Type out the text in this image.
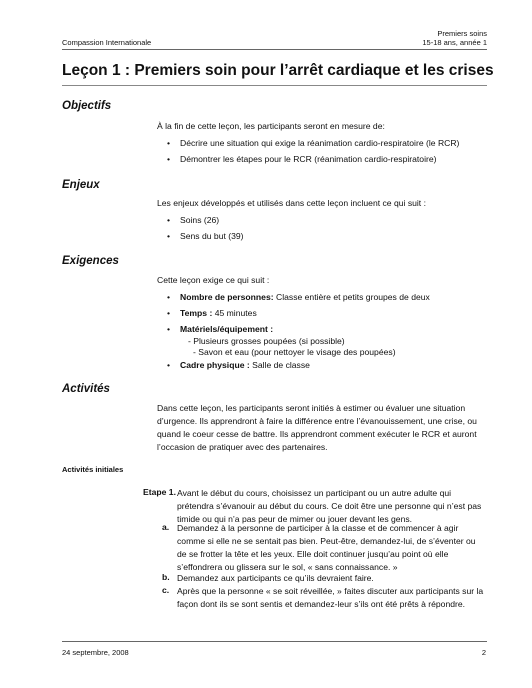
Compassion Internationale
Premiers soins
15-18 ans, année 1
Leçon 1 : Premiers soin pour l’arrêt cardiaque et les crises
Objectifs

À la fin de cette leçon, les participants seront en mesure de:

• Décrire une situation qui exige la réanimation cardio-respiratoire (le RCR)
• Démontrer les étapes pour le RCR (réanimation cardio-respiratoire)
Enjeux

Les enjeux développés et utilisés dans cette leçon incluent ce qui suit :

• Soins (26)
• Sens du but (39)
Exigences

Cette leçon exige ce qui suit :

• Nombre de personnes: Classe entière et petits groupes de deux
• Temps : 45 minutes
• Matériels/équipement :
- Plusieurs grosses poupées (si possible)
- Savon et eau (pour nettoyer le visage des poupées)
• Cadre physique : Salle de classe
Activités
Dans cette leçon, les participants seront initiés à estimer ou évaluer une situation d’urgence. Ils apprendront à faire la différence entre l’évanouissement, une crise, ou quand le coeur cesse de battre. Ils apprendront comment exécuter le RCR et auront l’occasion de pratiquer avec des partenaires.
Activités initiales
Etape 1. Avant le début du cours, choisissez un participant ou un autre adulte qui prétendra s’évanouir au début du cours. Ce doit être une personne qui n’est pas timide ou qui n’a pas peur de mimer ou jouer devant les gens.
a. Demandez à la personne de participer à la classe et de commencer à agir comme si elle ne se sentait pas bien. Peut-être, demandez-lui, de s’éventer ou de se frotter la tête et les yeux. Elle doit continuer jusqu’au point où elle s’effondrera ou glissera sur le sol, « sans connaissance. »
b. Demandez aux participants ce qu’ils devraient faire.
c. Après que la personne « se soit réveillée, » faites discuter aux participants sur la façon dont ils se sont sentis et demandez-leur s’ils ont été prêts à répondre.
24 septembre, 2008	2
